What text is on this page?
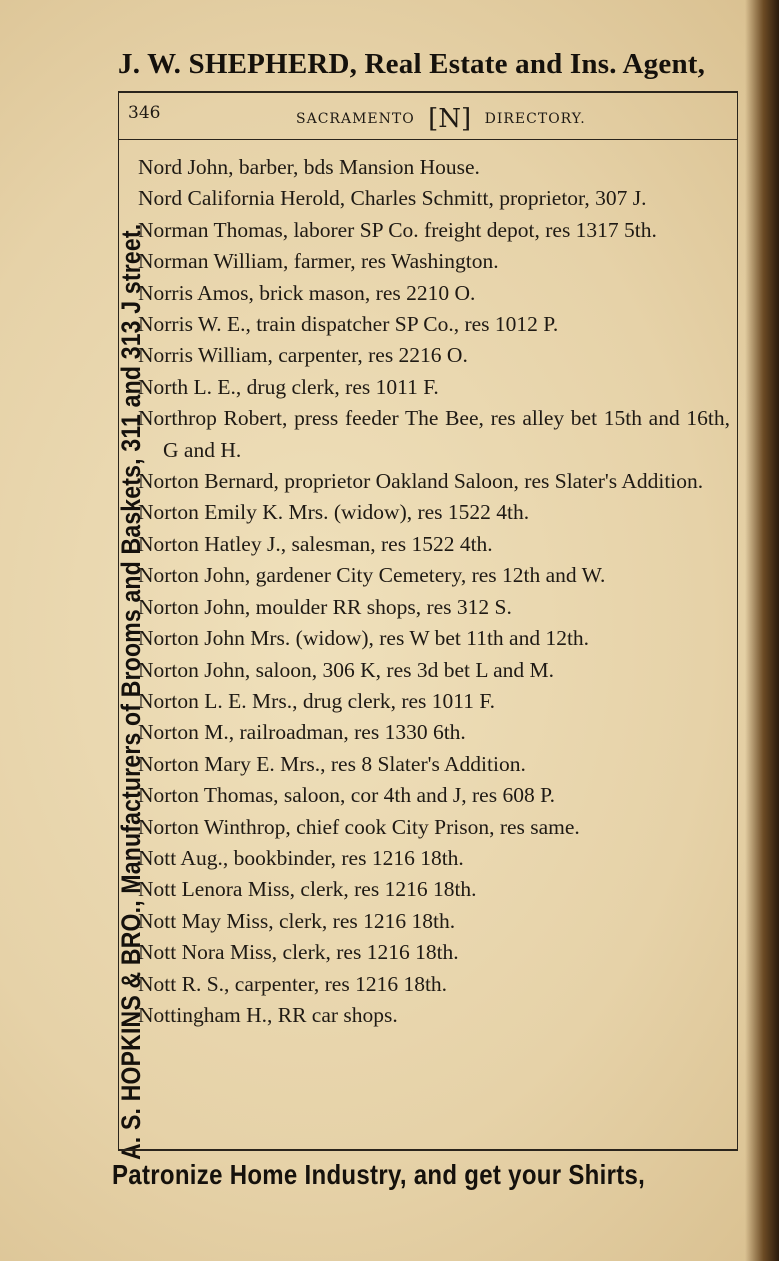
J. W. SHEPHERD, Real Estate and Ins. Agent,
A. S. HOPKINS & BRO., Manufacturers of Brooms and Baskets, 311 and 313 J street.
346	SACRAMENTO [N] DIRECTORY.
Nord John, barber, bds Mansion House.
Nord California Herold, Charles Schmitt, proprietor, 307 J.
Norman Thomas, laborer SP Co. freight depot, res 1317 5th.
Norman William, farmer, res Washington.
Norris Amos, brick mason, res 2210 O.
Norris W. E., train dispatcher SP Co., res 1012 P.
Norris William, carpenter, res 2216 O.
North L. E., drug clerk, res 1011 F.
Northrop Robert, press feeder The Bee, res alley bet 15th and 16th, G and H.
Norton Bernard, proprietor Oakland Saloon, res Slater's Addition.
Norton Emily K. Mrs. (widow), res 1522 4th.
Norton Hatley J., salesman, res 1522 4th.
Norton John, gardener City Cemetery, res 12th and W.
Norton John, moulder RR shops, res 312 S.
Norton John Mrs. (widow), res W bet 11th and 12th.
Norton John, saloon, 306 K, res 3d bet L and M.
Norton L. E. Mrs., drug clerk, res 1011 F.
Norton M., railroadman, res 1330 6th.
Norton Mary E. Mrs., res 8 Slater's Addition.
Norton Thomas, saloon, cor 4th and J, res 608 P.
Norton Winthrop, chief cook City Prison, res same.
Nott Aug., bookbinder, res 1216 18th.
Nott Lenora Miss, clerk, res 1216 18th.
Nott May Miss, clerk, res 1216 18th.
Nott Nora Miss, clerk, res 1216 18th.
Nott R. S., carpenter, res 1216 18th.
Nottingham H., RR car shops.
Patronize Home Industry, and get your Shirts,
